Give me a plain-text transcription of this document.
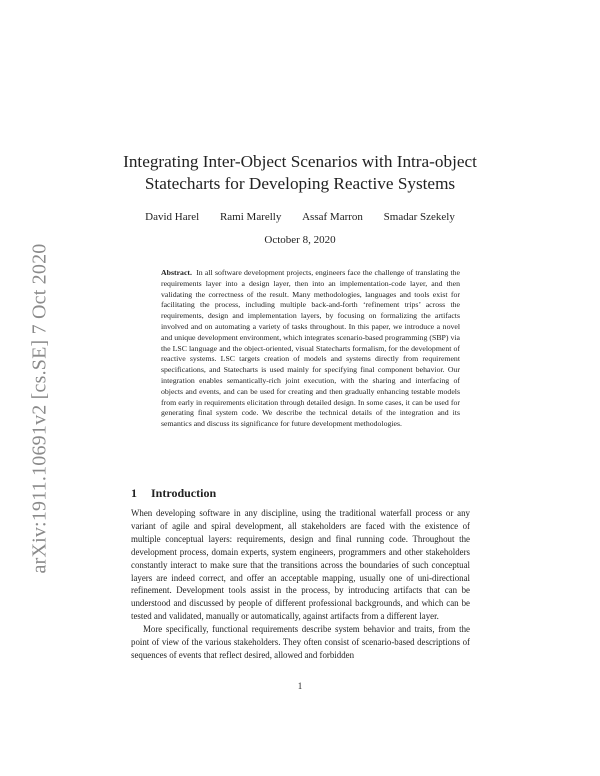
arXiv:1911.10691v2 [cs.SE] 7 Oct 2020
Integrating Inter-Object Scenarios with Intra-object Statecharts for Developing Reactive Systems
David Harel Rami Marelly Assaf Marron Smadar Szekely
October 8, 2020
Abstract. In all software development projects, engineers face the challenge of translating the requirements layer into a design layer, then into an implementation-code layer, and then validating the correctness of the result. Many methodologies, languages and tools exist for facilitating the process, including multiple back-and-forth ‘refinement trips’ across the requirements, design and implementation layers, by focusing on formalizing the artifacts involved and on automating a variety of tasks throughout. In this paper, we introduce a novel and unique development environment, which integrates scenario-based programming (SBP) via the LSC language and the object-oriented, visual Statecharts formalism, for the development of reactive systems. LSC targets creation of models and systems directly from requirement specifications, and Statecharts is used mainly for specifying final component behavior. Our integration enables semantically-rich joint execution, with the sharing and interfacing of objects and events, and can be used for creating and then gradually enhancing testable models from early in requirements elicitation through detailed design. In some cases, it can be used for generating final system code. We describe the technical details of the integration and its semantics and discuss its significance for future development methodologies.
1 Introduction

When developing software in any discipline, using the traditional waterfall process or any variant of agile and spiral development, all stakeholders are faced with the existence of multiple conceptual layers: requirements, design and final running code. Throughout the development process, domain experts, system engineers, programmers and other stakeholders constantly interact to make sure that the transitions across the boundaries of such conceptual layers are indeed correct, and offer an acceptable mapping, usually one of uni-directional refinement. Development tools assist in the process, by introducing artifacts that can be understood and discussed by people of different professional backgrounds, and which can be tested and validated, manually or automatically, against artifacts from a different layer.

More specifically, functional requirements describe system behavior and traits, from the point of view of the various stakeholders. They often consist of scenario-based descriptions of sequences of events that reflect desired, allowed and forbidden

1
